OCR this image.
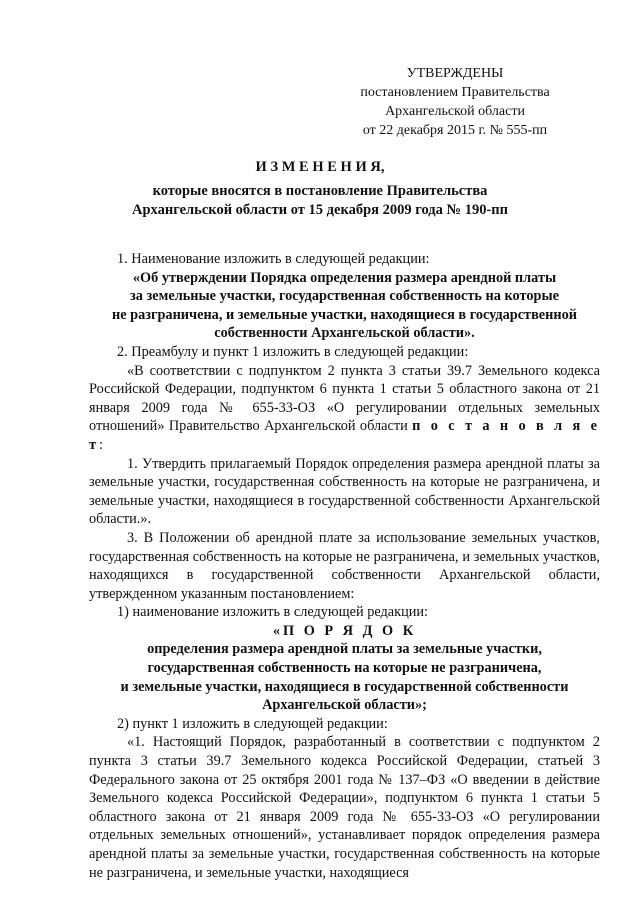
УТВЕРЖДЕНЫ
постановлением Правительства
Архангельской области
от 22 декабря 2015 г. № 555-пп
И З М Е Н Е Н И Я,
которые вносятся в постановление Правительства
Архангельской области от 15 декабря 2009 года № 190-пп

1. Наименование изложить в следующей редакции:

«Об утверждении Порядка определения размера арендной платы
за земельные участки, государственная собственность на которые
не разграничена, и земельные участки, находящиеся в государственной
собственности Архангельской области».

2. Преамбулу и пункт 1 изложить в следующей редакции:

«В соответствии с подпунктом 2 пункта 3 статьи 39.7 Земельного кодекса Российской Федерации, подпунктом 6 пункта 1 статьи 5 областного закона от 21 января 2009 года № 655-33-ОЗ «О регулировании отдельных земельных отношений» Правительство Архангельской области п о с т а н о в л я е т:

1. Утвердить прилагаемый Порядок определения размера арендной платы за земельные участки, государственная собственность на которые не разграничена, и земельные участки, находящиеся в государственной собственности Архангельской области.».

3. В Положении об арендной плате за использование земельных участков, государственная собственность на которые не разграничена, и земельных участков, находящихся в государственной собственности Архангельской области, утвержденном указанным постановлением:

1) наименование изложить в следующей редакции:

«П О Р Я Д О К
определения размера арендной платы за земельные участки,
государственная собственность на которые не разграничена,
и земельные участки, находящиеся в государственной собственности
Архангельской области»;

2) пункт 1 изложить в следующей редакции:

«1. Настоящий Порядок, разработанный в соответствии с подпунктом 2 пункта 3 статьи 39.7 Земельного кодекса Российской Федерации, статьей 3 Федерального закона от 25 октября 2001 года № 137–ФЗ «О введении в действие Земельного кодекса Российской Федерации», подпунктом 6 пункта 1 статьи 5 областного закона от 21 января 2009 года № 655-33-ОЗ «О регулировании отдельных земельных отношений», устанавливает порядок определения размера арендной платы за земельные участки, государственная собственность на которые не разграничена, и земельные участки, находящиеся
